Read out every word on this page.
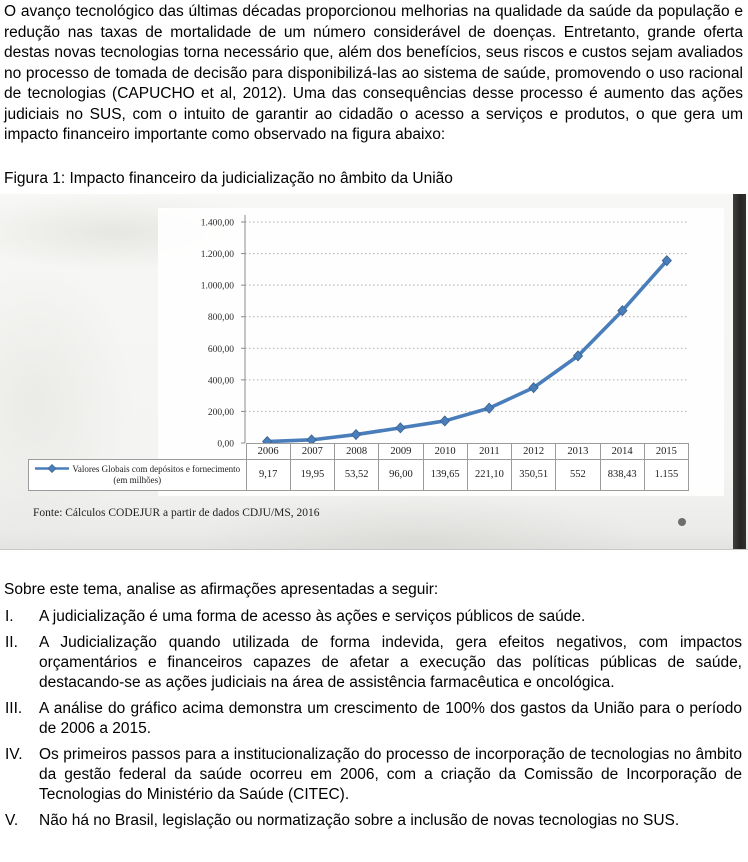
O avanço tecnológico das últimas décadas proporcionou melhorias na qualidade da saúde da população e redução nas taxas de mortalidade de um número considerável de doenças. Entretanto, grande oferta destas novas tecnologias torna necessário que, além dos benefícios, seus riscos e custos sejam avaliados no processo de tomada de decisão para disponibilizá-las ao sistema de saúde, promovendo o uso racional de tecnologias (CAPUCHO et al, 2012). Uma das consequências desse processo é aumento das ações judiciais no SUS, com o intuito de garantir ao cidadão o acesso a serviços e produtos, o que gera um impacto financeiro importante como observado na figura abaixo:
Figura 1: Impacto financeiro da judicialização no âmbito da União
1.400,00
1.200,00
1.000,00
800,00
600,00
400,00
200,00
0,00
	2006	2007	2008	2009	2010	2011	2012	2013	2014	2015
Valores Globais com depósitos e fornecimento (em milhões)	9,17	19,95	53,52	96,00	139,65	221,10	350,51	552	838,43	1.155
Fonte: Cálculos CODEJUR a partir de dados CDJU/MS, 2016
Sobre este tema, analise as afirmações apresentadas a seguir:
I.	A judicialização é uma forma de acesso às ações e serviços públicos de saúde.
II.	A Judicialização quando utilizada de forma indevida, gera efeitos negativos, com impactos orçamentários e financeiros capazes de afetar a execução das políticas públicas de saúde, destacando-se as ações judiciais na área de assistência farmacêutica e oncológica.
III.	A análise do gráfico acima demonstra um crescimento de 100% dos gastos da União para o período de 2006 a 2015.
IV.	Os primeiros passos para a institucionalização do processo de incorporação de tecnologias no âmbito da gestão federal da saúde ocorreu em 2006, com a criação da Comissão de Incorporação de Tecnologias do Ministério da Saúde (CITEC).
V.	Não há no Brasil, legislação ou normatização sobre a inclusão de novas tecnologias no SUS.
